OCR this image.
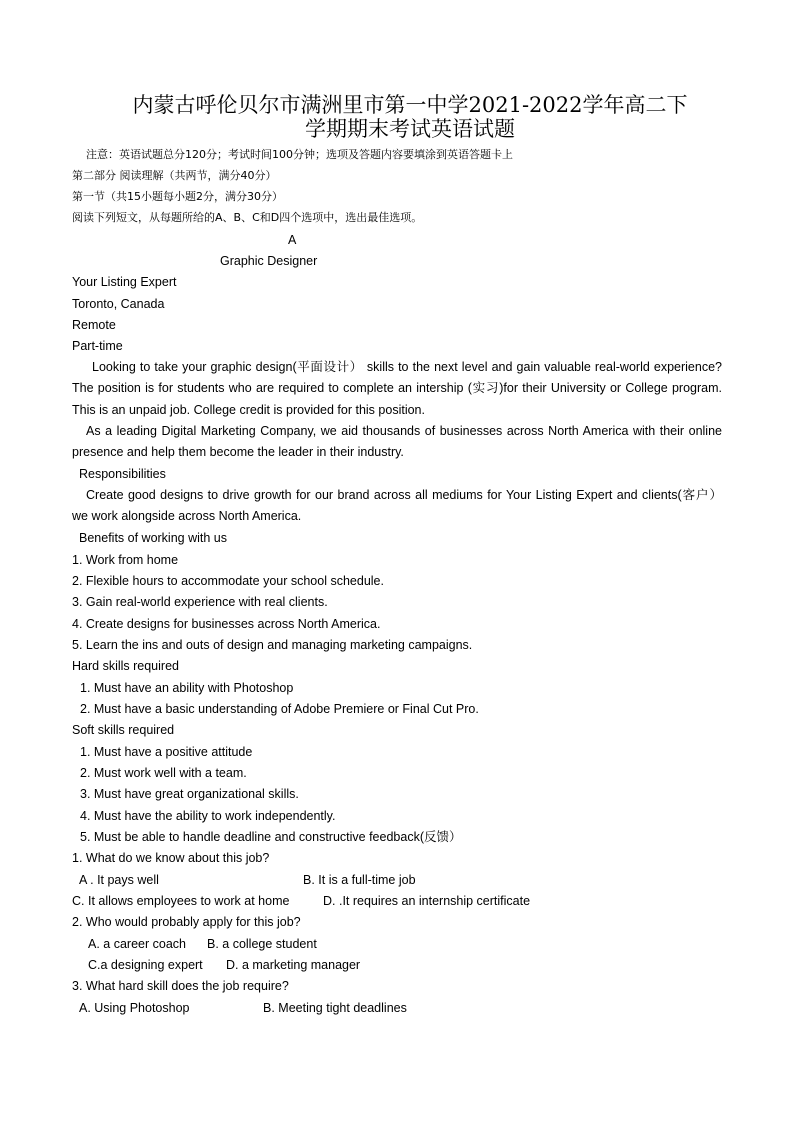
内蒙古呼伦贝尔市满洲里市第一中学2021-2022学年高二下
学期期末考试英语试题
注意：英语试题总分120分；考试时间100分钟；选项及答题内容要填涂到英语答题卡上
第二部分 阅读理解（共两节，满分40分）
第一节（共15小题每小题2分，满分30分）
阅读下列短文，从每题所给的A、B、C和D四个选项中，选出最佳选项。
A
Graphic Designer
Your Listing Expert
Toronto, Canada
Remote
Part-time
Looking to take your graphic design(平面设计） skills to the next level and gain valuable real-world experience? The position is for students who are required to complete an intership (实习)for their University or College program. This is an unpaid job. College credit is provided for this position.
As a leading Digital Marketing Company, we aid thousands of businesses across North America with their online presence and help them become the leader in their industry.
Responsibilities
Create good designs to drive growth for our brand across all mediums for Your Listing Expert and clients(客户） we work alongside across North America.
Benefits of working with us
1. Work from home
2. Flexible hours to accommodate your school schedule.
3. Gain real-world experience with real clients.
4. Create designs for businesses across North America.
5. Learn the ins and outs of design and managing marketing campaigns.
Hard skills required
1. Must have an ability with Photoshop
2. Must have a basic understanding of Adobe Premiere or Final Cut Pro.
Soft skills required
1. Must have a positive attitude
2. Must work well with a team.
3. Must have great organizational skills.
4. Must have the ability to work independently.
5. Must be able to handle deadline and constructive feedback(反馈）
1. What do we know about this job?
A . It pays well	B. It is a full-time job
C. It allows employees to work at home	D. .It requires an internship certificate
2. Who would probably apply for this job?
A. a career coach B. a college student
C.a designing expert D. a marketing manager
3. What hard skill does the job require?
A. Using Photoshop	B. Meeting tight deadlines
